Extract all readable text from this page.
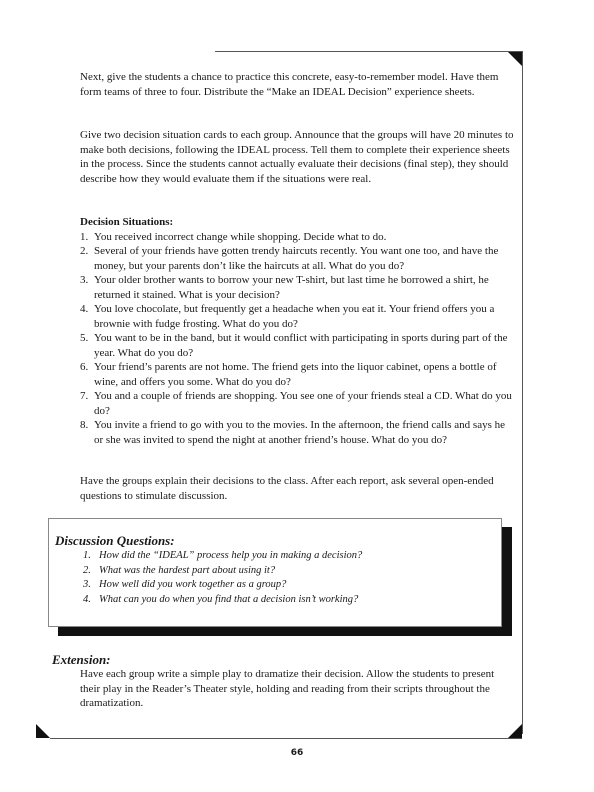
Next, give the students a chance to practice this concrete, easy-to-remember model. Have them form teams of three to four. Distribute the “Make an IDEAL Decision” experience sheets.

Give two decision situation cards to each group. Announce that the groups will have 20 minutes to make both decisions, following the IDEAL process. Tell them to complete their experience sheets in the process. Since the students cannot actually evaluate their decisions (final step), they should describe how they would evaluate them if the situations were real.

Decision Situations:

1. You received incorrect change while shopping. Decide what to do.
2. Several of your friends have gotten trendy haircuts recently. You want one too, and have the money, but your parents don’t like the haircuts at all. What do you do?
3. Your older brother wants to borrow your new T-shirt, but last time he borrowed a shirt, he returned it stained. What is your decision?
4. You love chocolate, but frequently get a headache when you eat it. Your friend offers you a brownie with fudge frosting. What do you do?
5. You want to be in the band, but it would conflict with participating in sports during part of the year. What do you do?
6. Your friend’s parents are not home. The friend gets into the liquor cabinet, opens a bottle of wine, and offers you some. What do you do?
7. You and a couple of friends are shopping. You see one of your friends steal a CD. What do you do?
8. You invite a friend to go with you to the movies. In the afternoon, the friend calls and says he or she was invited to spend the night at another friend’s house. What do you do?

Have the groups explain their decisions to the class. After each report, ask several open-ended questions to stimulate discussion.

Discussion Questions:
1. How did the “IDEAL” process help you in making a decision?
2. What was the hardest part about using it?
3. How well did you work together as a group?
4. What can you do when you find that a decision isn’t working?
Extension:

Have each group write a simple play to dramatize their decision. Allow the students to present their play in the Reader’s Theater style, holding and reading from their scripts throughout the dramatization.

66
